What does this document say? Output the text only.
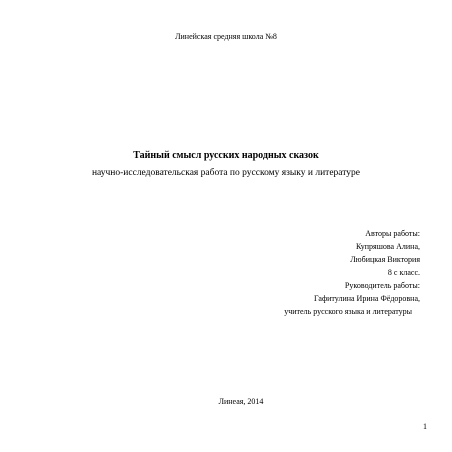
Линейская средняя школа №8
Тайный смысл русских народных сказок
научно-исследовательская работа по русскому языку и литературе
Авторы работы:
Купряшова Алина,
Любицкая Виктория
8 с класс.
Руководитель работы:
Гафитулина Ирина Фёдоровна,
учитель русского языка и литературы
Линеая, 2014
1
